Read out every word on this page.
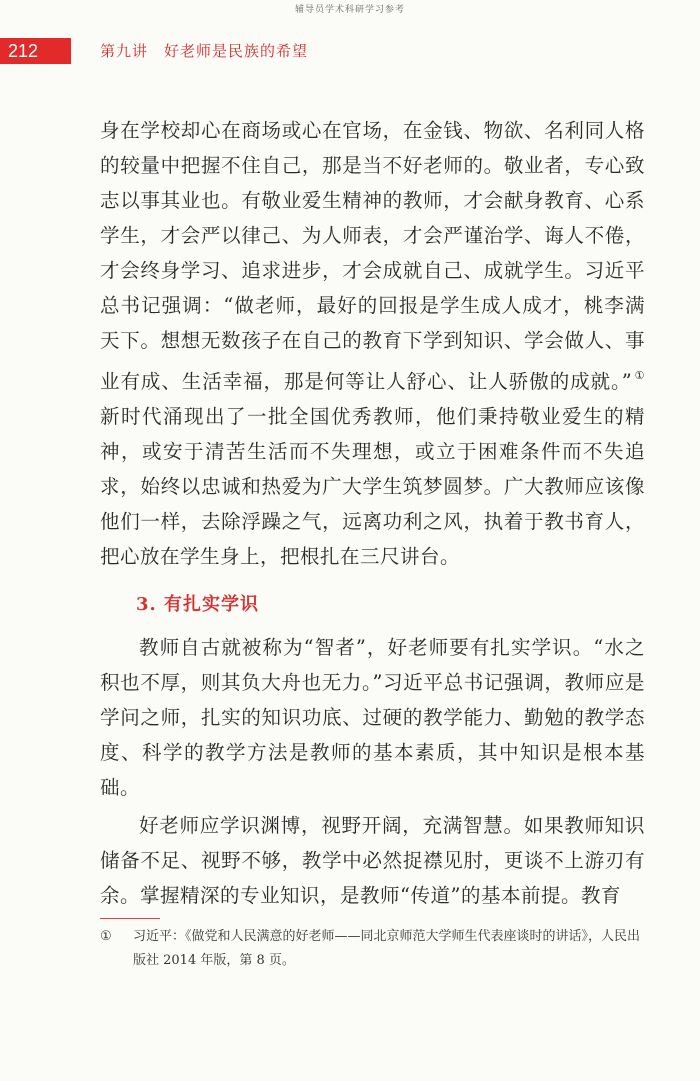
辅导员学术科研学习参考
212	第九讲　好老师是民族的希望

身在学校却心在商场或心在官场，在金钱、物欲、名利同人格的较量中把握不住自己，那是当不好老师的。敬业者，专心致志以事其业也。有敬业爱生精神的教师，才会献身教育、心系学生，才会严以律己、为人师表，才会严谨治学、诲人不倦，才会终身学习、追求进步，才会成就自己、成就学生。习近平总书记强调：“做老师，最好的回报是学生成人成才，桃李满天下。想想无数孩子在自己的教育下学到知识、学会做人、事业有成、生活幸福，那是何等让人舒心、让人骄傲的成就。” ①新时代涌现出了一批全国优秀教师，他们秉持敬业爱生的精神，或安于清苦生活而不失理想，或立于困难条件而不失追求，始终以忠诚和热爱为广大学生筑梦圆梦。广大教师应该像他们一样，去除浮躁之气，远离功利之风，执着于教书育人，把心放在学生身上，把根扎在三尺讲台。

3. 有扎实学识

教师自古就被称为“智者”，好老师要有扎实学识。“水之积也不厚，则其负大舟也无力。”习近平总书记强调，教师应是学问之师，扎实的知识功底、过硬的教学能力、勤勉的教学态度、科学的教学方法是教师的基本素质，其中知识是根本基础。

好老师应学识渊博，视野开阔，充满智慧。如果教师知识储备不足、视野不够，教学中必然捉襟见肘，更谈不上游刃有余。掌握精深的专业知识，是教师“传道”的基本前提。教育

① 习近平：《做党和人民满意的好老师——同北京师范大学师生代表座谈时的讲话》，人民出版社 2014 年版，第 8 页。
